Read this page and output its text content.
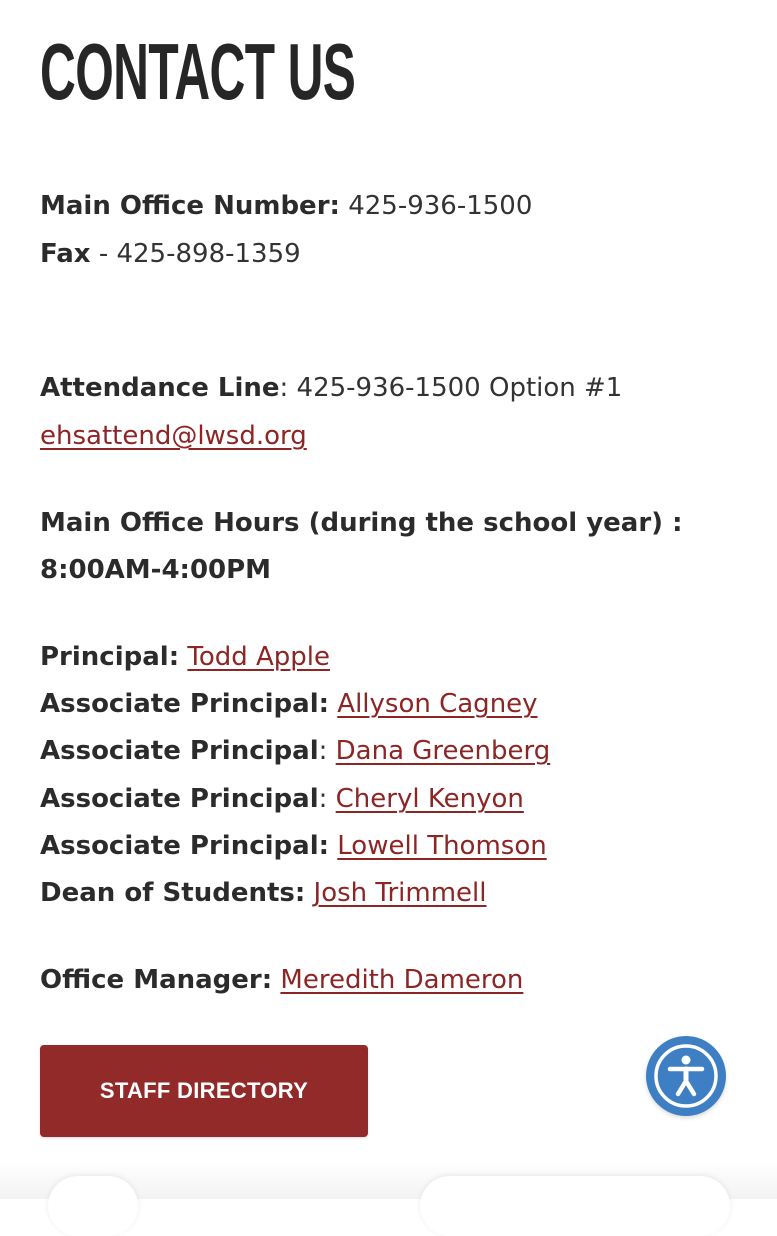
CONTACT US
Main Office Number: 425-936-1500
Fax - 425-898-1359
Attendance Line: 425-936-1500 Option #1
ehsattend@lwsd.org
Main Office Hours (during the school year) :
8:00AM-4:00PM
Principal: Todd Apple
Associate Principal: Allyson Cagney
Associate Principal: Dana Greenberg
Associate Principal: Cheryl Kenyon
Associate Principal: Lowell Thomson
Dean of Students: Josh Trimmell
Office Manager: Meredith Dameron
STAFF DIRECTORY
